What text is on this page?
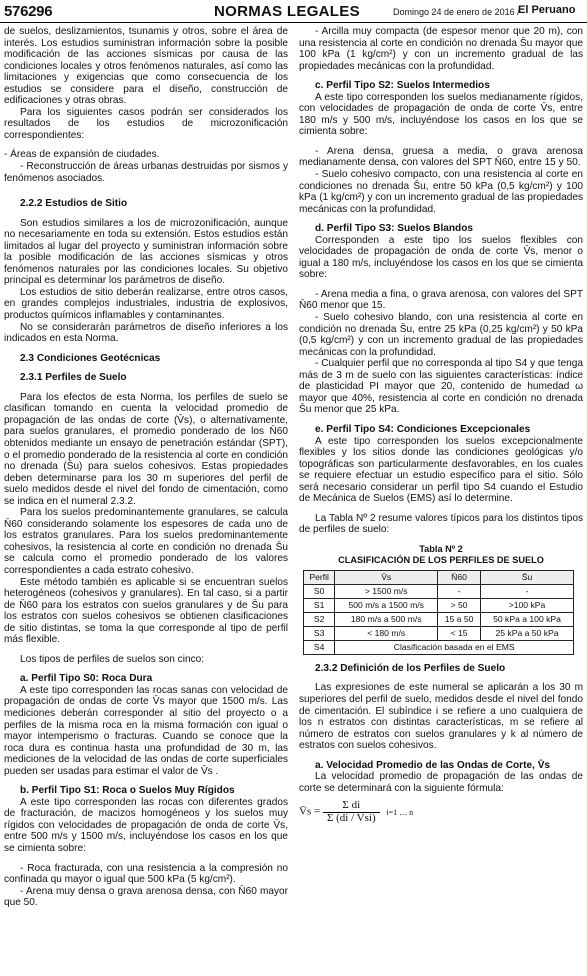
576296	NORMAS LEGALES	Domingo 24 de enero de 2016 /
El Peruano

de suelos, deslizamientos, tsunamis y otros, sobre el área de interés. Los estudios suministran información sobre la posible modificación de las acciones sísmicas por causa de las condiciones locales y otros fenómenos naturales, así como las limitaciones y exigencias que como consecuencia de los estudios se considere para el diseño, construcción de edificaciones y otras obras.

Para los siguientes casos podrán ser considerados los resultados de los estudios de microzonificación correspondientes:

- Áreas de expansión de ciudades.

- Reconstrucción de áreas urbanas destruidas por sismos y fenómenos asociados.

2.2.2 Estudios de Sitio

Son estudios similares a los de microzonificación, aunque no necesariamente en toda su extensión. Estos estudios están limitados al lugar del proyecto y suministran información sobre la posible modificación de las acciones sísmicas y otros fenómenos naturales por las condiciones locales. Su objetivo principal es determinar los parámetros de diseño.

Los estudios de sitio deberán realizarse, entre otros casos, en grandes complejos industriales, industria de explosivos, productos químicos inflamables y contaminantes.

No se considerarán parámetros de diseño inferiores a los indicados en esta Norma.

2.3 Condiciones Geotécnicas

2.3.1 Perfiles de Suelo

Para los efectos de esta Norma, los perfiles de suelo se clasifican tomando en cuenta la velocidad promedio de propagación de las ondas de corte (V̄s), o alternativamente, para suelos granulares, el promedio ponderado de los N̄60 obtenidos mediante un ensayo de penetración estándar (SPT), o el promedio ponderado de la resistencia al corte en condición no drenada (S̄u) para suelos cohesivos. Estas propiedades deben determinarse para los 30 m superiores del perfil de suelo medidos desde el nivel del fondo de cimentación, como se indica en el numeral 2.3.2.

Para los suelos predominantemente granulares, se calcula N̄60 considerando solamente los espesores de cada uno de los estratos granulares. Para los suelos predominantemente cohesivos, la resistencia al corte en condición no drenada S̄u se calcula como el promedio ponderado de los valores correspondientes a cada estrato cohesivo.

Este método también es aplicable si se encuentran suelos heterogéneos (cohesivos y granulares). En tal caso, si a partir de N̄60 para los estratos con suelos granulares y de S̄u para los estratos con suelos cohesivos se obtienen clasificaciones de sitio distintas, se toma la que corresponde al tipo de perfil más flexible.

Los tipos de perfiles de suelos son cinco:

a. Perfil Tipo S0: Roca Dura

A este tipo corresponden las rocas sanas con velocidad de propagación de ondas de corte V̄s mayor que 1500 m/s. Las mediciones deberán corresponder al sitio del proyecto o a perfiles de la misma roca en la misma formación con igual o mayor intemperismo o fracturas. Cuando se conoce que la roca dura es continua hasta una profundidad de 30 m, las mediciones de la velocidad de las ondas de corte superficiales pueden ser usadas para estimar el valor de V̄s .

b. Perfil Tipo S1: Roca o Suelos Muy Rígidos

A este tipo corresponden las rocas con diferentes grados de fracturación, de macizos homogéneos y los suelos muy rígidos con velocidades de propagación de onda de corte V̄s, entre 500 m/s y 1500 m/s, incluyéndose los casos en los que se cimienta sobre:

- Roca fracturada, con una resistencia a la compresión no confinada qu mayor o igual que 500 kPa (5 kg/cm²).

- Arena muy densa o grava arenosa densa, con N̄60 mayor que 50.

- Arcilla muy compacta (de espesor menor que 20 m), con una resistencia al corte en condición no drenada S̄u mayor que 100 kPa (1 kg/cm²) y con un incremento gradual de las propiedades mecánicas con la profundidad.

c. Perfil Tipo S2: Suelos Intermedios

A este tipo corresponden los suelos medianamente rígidos, con velocidades de propagación de onda de corte V̄s, entre 180 m/s y 500 m/s, incluyéndose los casos en los que se cimienta sobre:

- Arena densa, gruesa a media, o grava arenosa medianamente densa, con valores del SPT N̄60, entre 15 y 50.

- Suelo cohesivo compacto, con una resistencia al corte en condiciones no drenada S̄u, entre 50 kPa (0,5 kg/cm²) y 100 kPa (1 kg/cm²) y con un incremento gradual de las propiedades mecánicas con la profundidad.

d. Perfil Tipo S3: Suelos Blandos

Corresponden a este tipo los suelos flexibles con velocidades de propagación de onda de corte V̄s, menor o igual a 180 m/s, incluyéndose los casos en los que se cimienta sobre:

- Arena media a fina, o grava arenosa, con valores del SPT N̄60 menor que 15.

- Suelo cohesivo blando, con una resistencia al corte en condición no drenada S̄u, entre 25 kPa (0,25 kg/cm²) y 50 kPa (0,5 kg/cm²) y con un incremento gradual de las propiedades mecánicas con la profundidad.

- Cualquier perfil que no corresponda al tipo S4 y que tenga más de 3 m de suelo con las siguientes características: índice de plasticidad PI mayor que 20, contenido de humedad ω mayor que 40%, resistencia al corte en condición no drenada S̄u menor que 25 kPa.

e. Perfil Tipo S4: Condiciones Excepcionales

A este tipo corresponden los suelos excepcionalmente flexibles y los sitios donde las condiciones geológicas y/o topográficas son particularmente desfavorables, en los cuales se requiere efectuar un estudio específico para el sitio. Sólo será necesario considerar un perfil tipo S4 cuando el Estudio de Mecánica de Suelos (EMS) así lo determine.

La Tabla Nº 2 resume valores típicos para los distintos tipos de perfiles de suelo:

Tabla Nº 2
CLASIFICACIÓN DE LOS PERFILES DE SUELO
Perfil	V̄s	N̄60	S̄u
S0	> 1500 m/s	-	-
S1	500 m/s a 1500 m/s	> 50	>100 kPa
S2	180 m/s a 500 m/s	15 a 50	50 kPa a 100 kPa
S3	< 180 m/s	< 15	25 kPa a 50 kPa
S4	Clasificación basada en el EMS		

2.3.2 Definición de los Perfiles de Suelo

Las expresiones de este numeral se aplicarán a los 30 m superiores del perfil de suelo, medidos desde el nivel del fondo de cimentación. El subíndice i se refiere a uno cualquiera de los n estratos con distintas características, m se refiere al número de estratos con suelos granulares y k al número de estratos con suelos cohesivos.

a. Velocidad Promedio de las Ondas de Corte, V̄s

La velocidad promedio de propagación de las ondas de corte se determinará con la siguiente fórmula:

V̄s = $\frac{\text{Σ di}}{\text{Σ (di / Vsi)}} i=1$ … n
